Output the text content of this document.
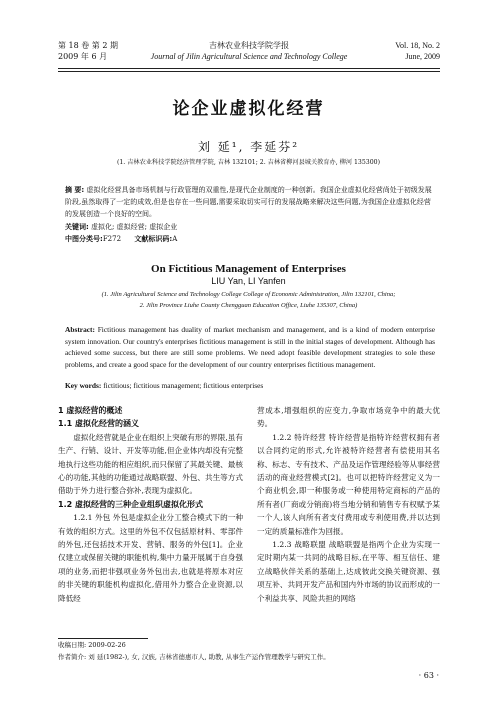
第 18 卷 第 2 期
2009 年 6 月
吉林农业科技学院学报
Journal of Jilin Agricultural Science and Technology College
Vol. 18, No. 2
June, 2009
论企业虚拟化经营
刘 延¹, 李延芬²
(1. 吉林农业科技学院经济管理学院, 吉林 132101; 2. 吉林省柳河县城关教育办, 柳河 135300)
摘 要: 虚拟化经营具备市场机制与行政管理的双重性,是现代企业制度的一种创新。我国企业虚拟化经营尚处于初级发展阶段,虽然取得了一定的成效,但是也存在一些问题,需要采取切实可行的发展战略来解决这些问题,为我国企业虚拟化经营的发展创造一个良好的空间。
关键词: 虚拟化; 虚拟经营; 虚拟企业
中图分类号:F272 文献标识码:A
On Fictitious Management of Enterprises
LIU Yan, LI Yanfen
(1. Jilin Agricultural Science and Technology College College of Economic Administration, Jilin 132101, China;
2. Jilin Province Liuhe County Chengguan Education Office, Liuhe 135307, China)
Abstract: Fictitious management has duality of market mechanism and management, and is a kind of modern enterprise system innovation. Our country's enterprises fictitious management is still in the initial stages of development. Although has achieved some success, but there are still some problems. We need adopt feasible development strategies to sole these problems, and create a good space for the development of our country enterprises fictitious management.
Key words: fictitious; fictitious management; fictitious enterprises
1 虚拟经营的概述
1.1 虚拟化经营的涵义
虚拟化经营就是企业在组织上突破有形的界限,虽有生产、行销、设计、开发等功能,但企业体内却没有完整地执行这些功能的相应组织,而只保留了其最关键、最核心的功能,其他的功能通过战略联盟、外包、共生等方式借助于外力进行整合弥补,表现为虚拟化。
1.2 虚拟经营的三种企业组织虚拟化形式
1.2.1 外包 外包是虚拟企业分工整合模式下的一种有效的组织方式。这里的外包不仅包括原材料、零部件的外包,还包括技术开发、营销、服务的外包[1]。企业仅建立或保留关键的职能机构,集中力量开展属于自身强项的业务,而把非强项业务外包出去,也就是将原本对应的非关键的职能机构虚拟化,借用外力整合企业资源,以降低经
营成本,增强组织的应变力,争取市场竞争中的最大优势。
1.2.2 特许经营 特许经营是指特许经营权拥有者以合同约定的形式,允许被特许经营者有偿使用其名称、标志、专有技术、产品及运作管理经验等从事经营活动的商业经营模式[2]。也可以把特许经营定义为一个商业机会,即一种服务或一种使用特定商标的产品的所有者(厂商或分销商)将当地分销和销售专有权赋予某一个人,该人向所有者支付费用或专利使用费,并以达到一定的质量标准作为回报。
1.2.3 战略联盟 战略联盟是指两个企业为实现一定时期内某一共同的战略目标,在平等、相互信任、建立战略伙伴关系的基础上,达成彼此交换关键资源、强项互补、共同开发产品和国内外市场的协议而形成的一个利益共享、风险共担的网络
收稿日期: 2009-02-26
作者简介: 刘 延(1982-), 女, 汉族, 吉林省德惠市人, 助教, 从事生产运作管理教学与研究工作。
· 63 ·
